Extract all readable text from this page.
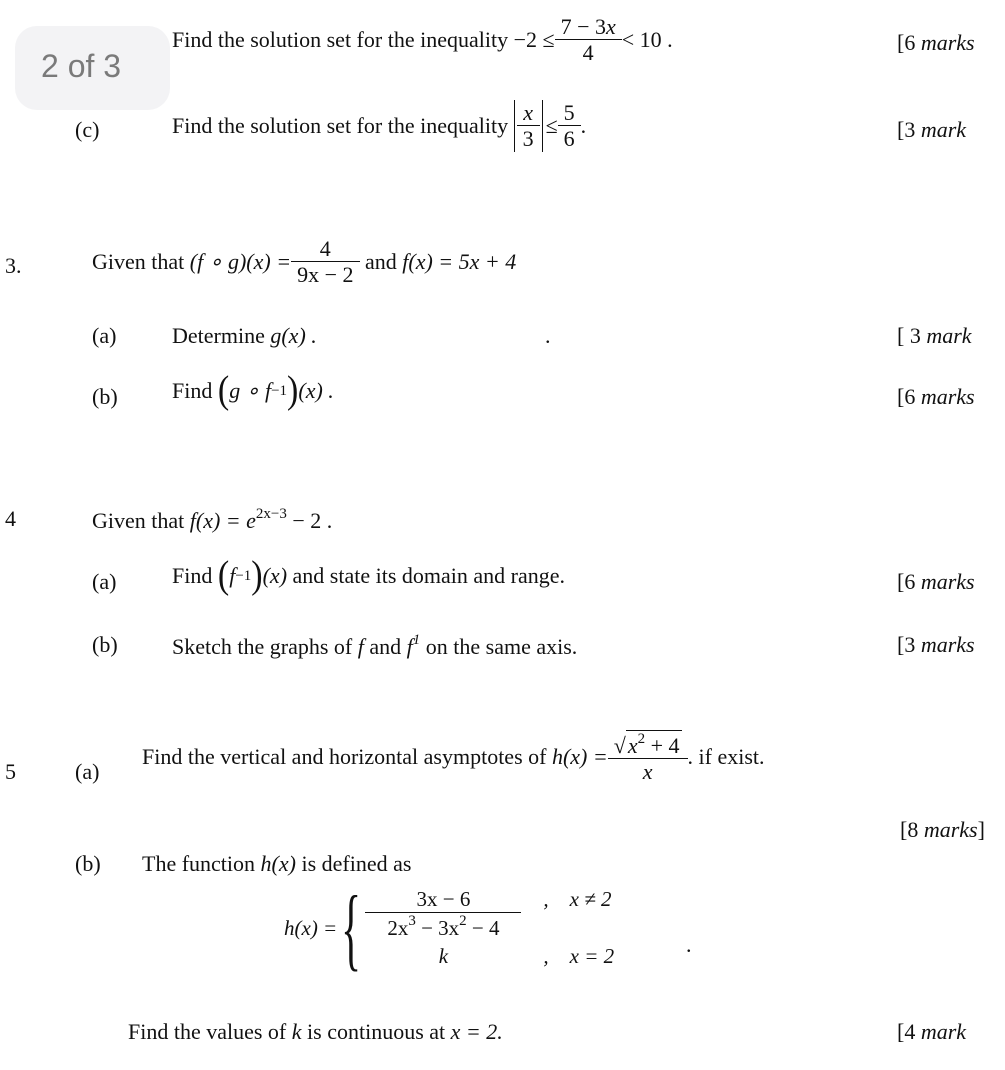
2 of 3
Find the solution set for the inequality
$-2 \le \frac{7 - 3x}{4} < 10$ .	[6 marks
(c)	Find the solution set for the inequality
$\frac{x}{3} \le \frac{5}{6}$ .	[3 mark
3.	Given that
(f ∘ $g)(x) = \frac{4}{9x - 2}$
and
f(x) = 5x + 4
(a)	Determine g(x) .	.	[ 3 mark
(b) Find
( g ∘ f −1 ) (x) .	[6 marks
4	Given that $f(x) = e^{2x-3} - 2$ .
(a)	Find
( f −1 ) (x)
and state its domain and range.	[6 marks
(b) Sketch the graphs of f and $f^1$ on the same axis.	[3 marks
5	(a)
Find the vertical and horizontal asymptotes of
$h(x) = \frac{√ x^2 + 4}{x}$ . if exist.
[8 marks]
(b) The function h(x) is defined as
h(x) = { $\frac{3x - 6}{2x^3 - 3x^2 - 4}$ ,    x ≠ 2
k	,    x = 2	.
Find the values of k is continuous at x = 2.	[4 mark
